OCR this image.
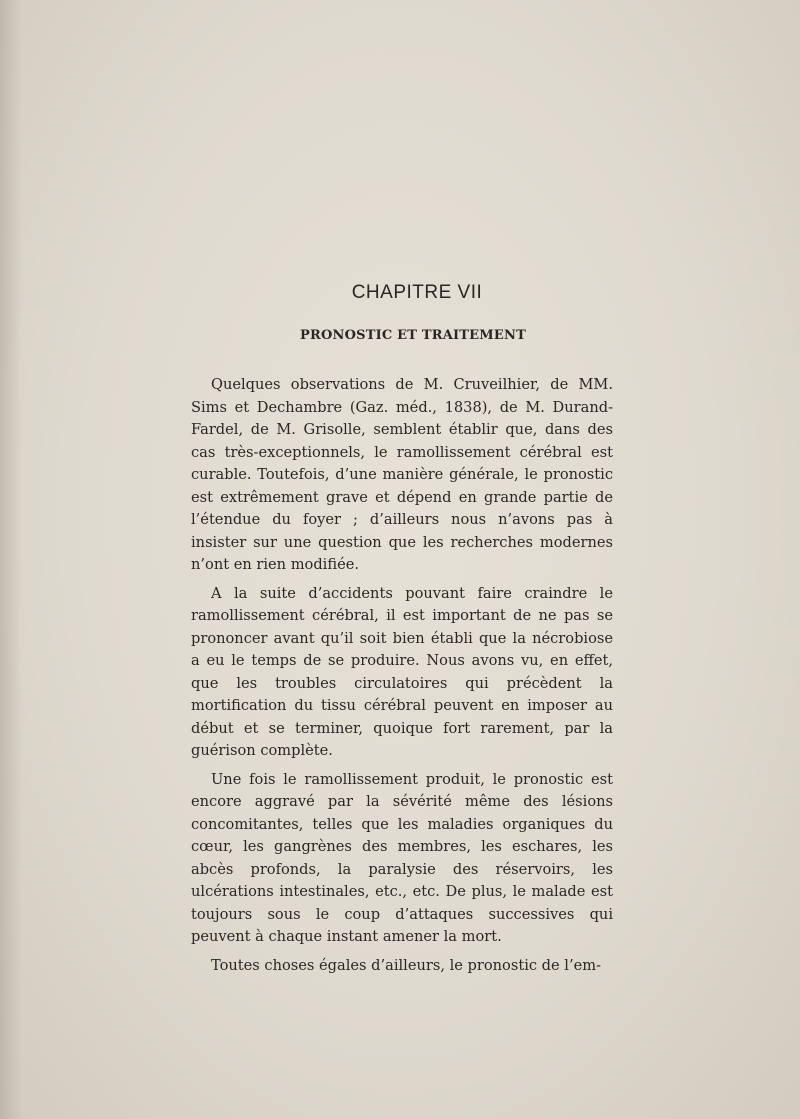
CHAPITRE VII
PRONOSTIC ET TRAITEMENT

Quelques observations de M. Cruveilhier, de MM. Sims et Dechambre (Gaz. méd., 1838), de M. Durand-Fardel, de M. Grisolle, semblent établir que, dans des cas très-exceptionnels, le ramollissement cérébral est curable. Toutefois, d’une manière générale, le pronostic est extrêmement grave et dépend en grande partie de l’étendue du foyer ; d’ailleurs nous n’avons pas à insister sur une question que les recherches modernes n’ont en rien modifiée.

A la suite d’accidents pouvant faire craindre le ramollissement cérébral, il est important de ne pas se prononcer avant qu’il soit bien établi que la nécrobiose a eu le temps de se produire. Nous avons vu, en effet, que les troubles circulatoires qui précèdent la mortification du tissu cérébral peuvent en imposer au début et se terminer, quoique fort rarement, par la guérison complète.

Une fois le ramollissement produit, le pronostic est encore aggravé par la sévérité même des lésions concomitantes, telles que les maladies organiques du cœur, les gangrènes des membres, les eschares, les abcès profonds, la paralysie des réservoirs, les ulcérations intestinales, etc., etc. De plus, le malade est toujours sous le coup d’attaques successives qui peuvent à chaque instant amener la mort.

Toutes choses égales d’ailleurs, le pronostic de l’em-
